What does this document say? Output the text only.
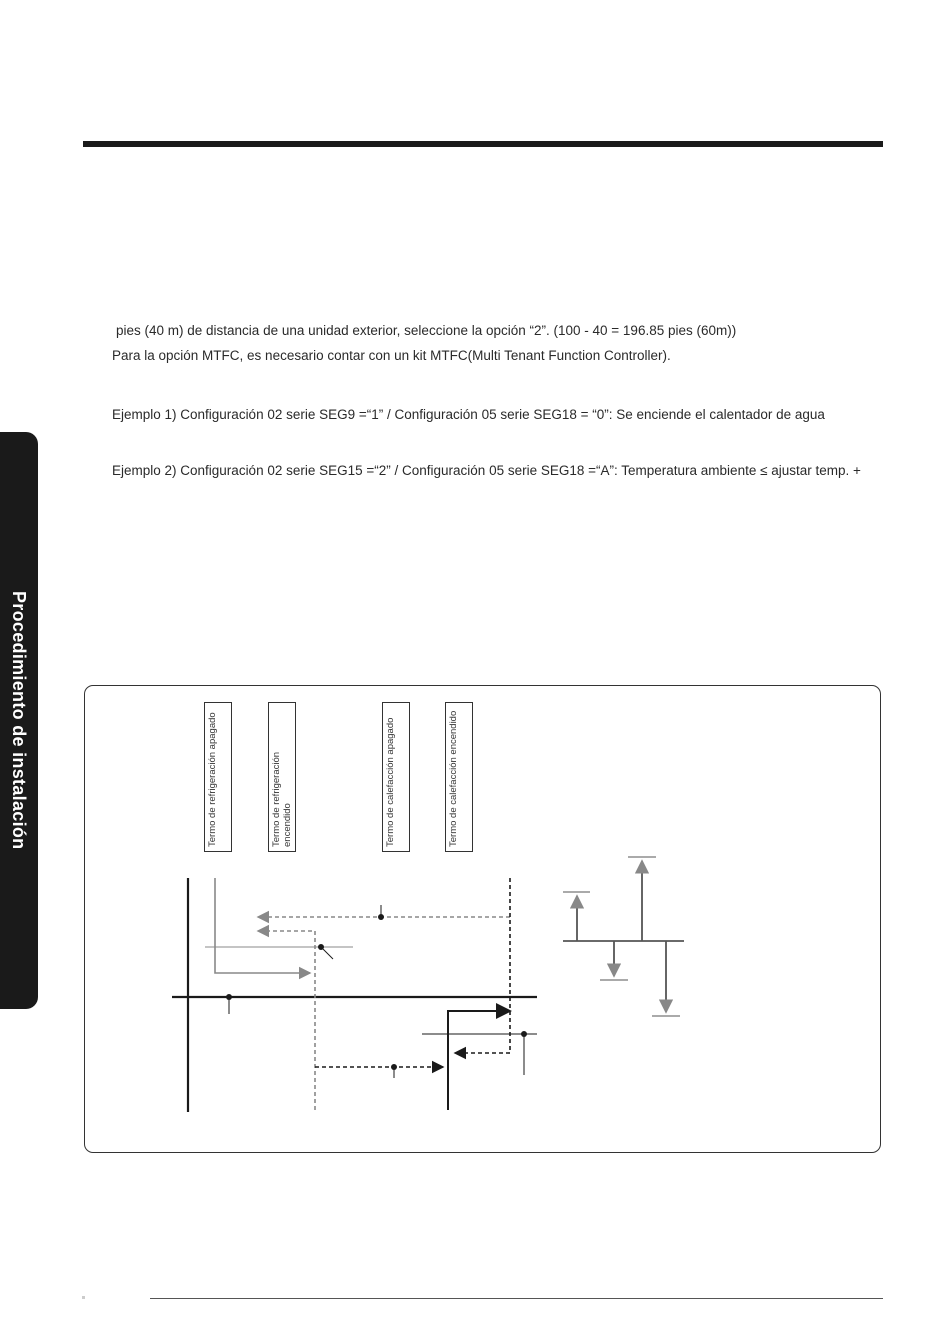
pies (40 m) de distancia de una unidad exterior, seleccione la opción “2”. (100 - 40 = 196.85 pies (60m))
Para la opción MTFC, es necesario contar con un kit MTFC(Multi Tenant Function Controller).
Ejemplo 1) Configuración 02 serie SEG9 =“1” / Configuración 05 serie SEG18 = “0”: Se enciende el calentador de agua
Ejemplo 2) Configuración 02 serie SEG15 =“2” / Configuración 05 serie SEG18 =“A”: Temperatura ambiente ≤ ajustar temp. +
Procedimiento de instalación	Termo de refrigeración apagado	Termo de refrigeración encendido	Termo de calefacción apagado	Termo de calefacción encendido
